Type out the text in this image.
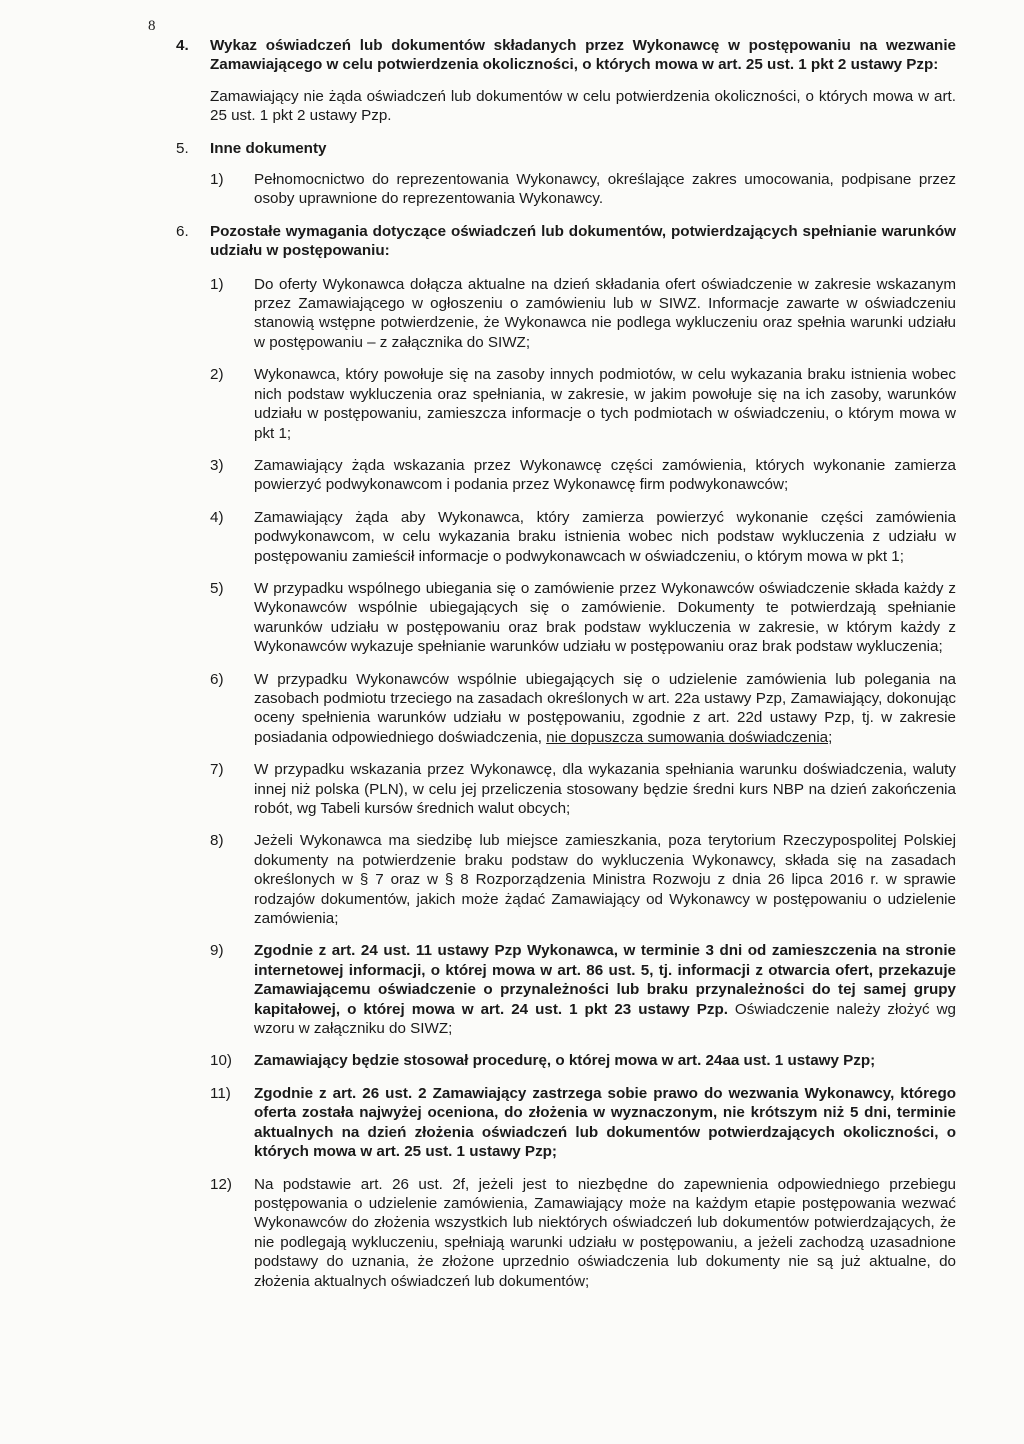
8
4. Wykaz oświadczeń lub dokumentów składanych przez Wykonawcę w postępowaniu na wezwanie Zamawiającego w celu potwierdzenia okoliczności, o których mowa w art. 25 ust. 1 pkt 2 ustawy Pzp:
Zamawiający nie żąda oświadczeń lub dokumentów w celu potwierdzenia okoliczności, o których mowa w art. 25 ust. 1 pkt 2 ustawy Pzp.
5. Inne dokumenty
1) Pełnomocnictwo do reprezentowania Wykonawcy, określające zakres umocowania, podpisane przez osoby uprawnione do reprezentowania Wykonawcy.
6. Pozostałe wymagania dotyczące oświadczeń lub dokumentów, potwierdzających spełnianie warunków udziału w postępowaniu:
1) Do oferty Wykonawca dołącza aktualne na dzień składania ofert oświadczenie w zakresie wskazanym przez Zamawiającego w ogłoszeniu o zamówieniu lub w SIWZ. Informacje zawarte w oświadczeniu stanowią wstępne potwierdzenie, że Wykonawca nie podlega wykluczeniu oraz spełnia warunki udziału w postępowaniu – z załącznika do SIWZ;
2) Wykonawca, który powołuje się na zasoby innych podmiotów, w celu wykazania braku istnienia wobec nich podstaw wykluczenia oraz spełniania, w zakresie, w jakim powołuje się na ich zasoby, warunków udziału w postępowaniu, zamieszcza informacje o tych podmiotach w oświadczeniu, o którym mowa w pkt 1;
3) Zamawiający żąda wskazania przez Wykonawcę części zamówienia, których wykonanie zamierza powierzyć podwykonawcom i podania przez Wykonawcę firm podwykonawców;
4) Zamawiający żąda aby Wykonawca, który zamierza powierzyć wykonanie części zamówienia podwykonawcom, w celu wykazania braku istnienia wobec nich podstaw wykluczenia z udziału w postępowaniu zamieścił informacje o podwykonawcach w oświadczeniu, o którym mowa w pkt 1;
5) W przypadku wspólnego ubiegania się o zamówienie przez Wykonawców oświadczenie składa każdy z Wykonawców wspólnie ubiegających się o zamówienie. Dokumenty te potwierdzają spełnianie warunków udziału w postępowaniu oraz brak podstaw wykluczenia w zakresie, w którym każdy z Wykonawców wykazuje spełnianie warunków udziału w postępowaniu oraz brak podstaw wykluczenia;
6) W przypadku Wykonawców wspólnie ubiegających się o udzielenie zamówienia lub polegania na zasobach podmiotu trzeciego na zasadach określonych w art. 22a ustawy Pzp, Zamawiający, dokonując oceny spełnienia warunków udziału w postępowaniu, zgodnie z art. 22d ustawy Pzp, tj. w zakresie posiadania odpowiedniego doświadczenia, nie dopuszcza sumowania doświadczenia;
7) W przypadku wskazania przez Wykonawcę, dla wykazania spełniania warunku doświadczenia, waluty innej niż polska (PLN), w celu jej przeliczenia stosowany będzie średni kurs NBP na dzień zakończenia robót, wg Tabeli kursów średnich walut obcych;
8) Jeżeli Wykonawca ma siedzibę lub miejsce zamieszkania, poza terytorium Rzeczypospolitej Polskiej dokumenty na potwierdzenie braku podstaw do wykluczenia Wykonawcy, składa się na zasadach określonych w § 7 oraz w § 8 Rozporządzenia Ministra Rozwoju z dnia 26 lipca 2016 r. w sprawie rodzajów dokumentów, jakich może żądać Zamawiający od Wykonawcy w postępowaniu o udzielenie zamówienia;
9) Zgodnie z art. 24 ust. 11 ustawy Pzp Wykonawca, w terminie 3 dni od zamieszczenia na stronie internetowej informacji, o której mowa w art. 86 ust. 5, tj. informacji z otwarcia ofert, przekazuje Zamawiającemu oświadczenie o przynależności lub braku przynależności do tej samej grupy kapitałowej, o której mowa w art. 24 ust. 1 pkt 23 ustawy Pzp. Oświadczenie należy złożyć wg wzoru w załączniku do SIWZ;
10) Zamawiający będzie stosował procedurę, o której mowa w art. 24aa ust. 1 ustawy Pzp;
11) Zgodnie z art. 26 ust. 2 Zamawiający zastrzega sobie prawo do wezwania Wykonawcy, którego oferta została najwyżej oceniona, do złożenia w wyznaczonym, nie krótszym niż 5 dni, terminie aktualnych na dzień złożenia oświadczeń lub dokumentów potwierdzających okoliczności, o których mowa w art. 25 ust. 1 ustawy Pzp;
12) Na podstawie art. 26 ust. 2f, jeżeli jest to niezbędne do zapewnienia odpowiedniego przebiegu postępowania o udzielenie zamówienia, Zamawiający może na każdym etapie postępowania wezwać Wykonawców do złożenia wszystkich lub niektórych oświadczeń lub dokumentów potwierdzających, że nie podlegają wykluczeniu, spełniają warunki udziału w postępowaniu, a jeżeli zachodzą uzasadnione podstawy do uznania, że złożone uprzednio oświadczenia lub dokumenty nie są już aktualne, do złożenia aktualnych oświadczeń lub dokumentów;
